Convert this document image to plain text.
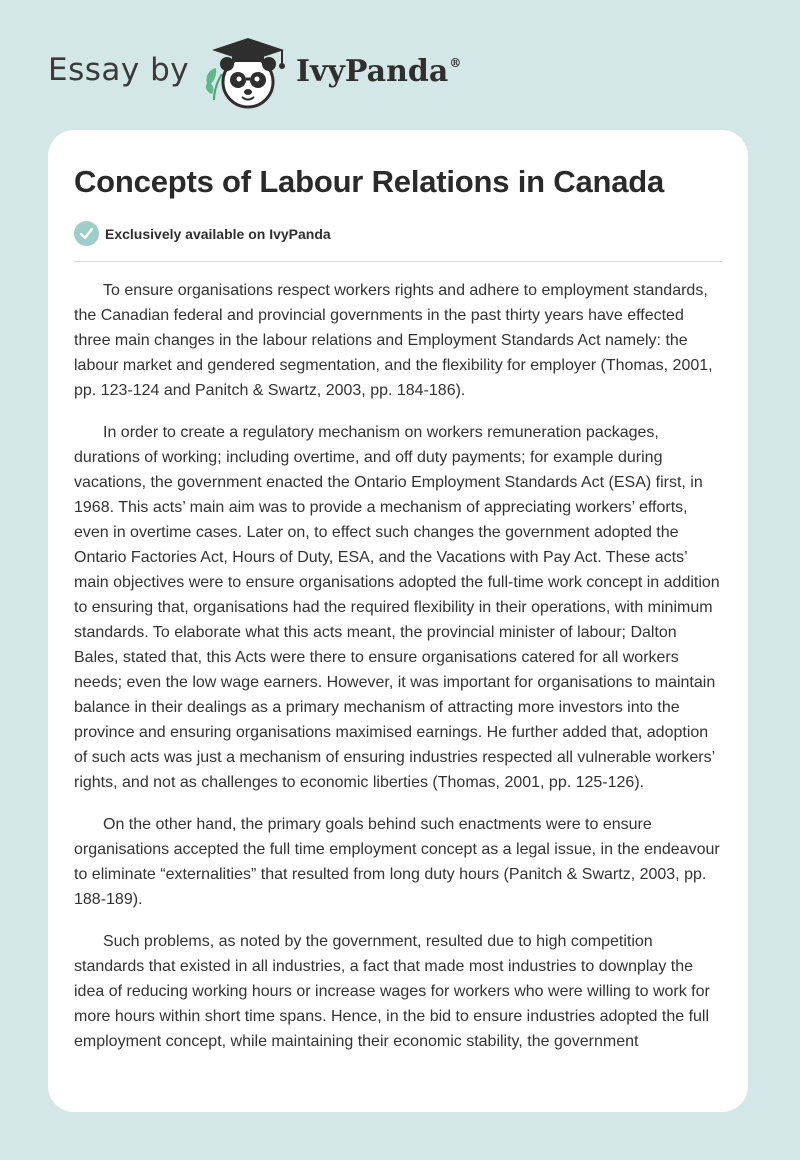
Essay by	IvyPanda®
Concepts of Labour Relations in Canada
Exclusively available on IvyPanda

To ensure organisations respect workers rights and adhere to employment standards, the Canadian federal and provincial governments in the past thirty years have effected three main changes in the labour relations and Employment Standards Act namely: the labour market and gendered segmentation, and the flexibility for employer (Thomas, 2001, pp. 123-124 and Panitch & Swartz, 2003, pp. 184-186).

In order to create a regulatory mechanism on workers remuneration packages, durations of working; including overtime, and off duty payments; for example during vacations, the government enacted the Ontario Employment Standards Act (ESA) first, in 1968. This acts’ main aim was to provide a mechanism of appreciating workers’ efforts, even in overtime cases. Later on, to effect such changes the government adopted the Ontario Factories Act, Hours of Duty, ESA, and the Vacations with Pay Act. These acts’ main objectives were to ensure organisations adopted the full-time work concept in addition to ensuring that, organisations had the required flexibility in their operations, with minimum standards. To elaborate what this acts meant, the provincial minister of labour; Dalton Bales, stated that, this Acts were there to ensure organisations catered for all workers needs; even the low wage earners. However, it was important for organisations to maintain balance in their dealings as a primary mechanism of attracting more investors into the province and ensuring organisations maximised earnings. He further added that, adoption of such acts was just a mechanism of ensuring industries respected all vulnerable workers’ rights, and not as challenges to economic liberties (Thomas, 2001, pp. 125-126).

On the other hand, the primary goals behind such enactments were to ensure organisations accepted the full time employment concept as a legal issue, in the endeavour to eliminate “externalities” that resulted from long duty hours (Panitch & Swartz, 2003, pp. 188-189).

Such problems, as noted by the government, resulted due to high competition standards that existed in all industries, a fact that made most industries to downplay the idea of reducing working hours or increase wages for workers who were willing to work for more hours within short time spans. Hence, in the bid to ensure industries adopted the full employment concept, while maintaining their economic stability, the government
